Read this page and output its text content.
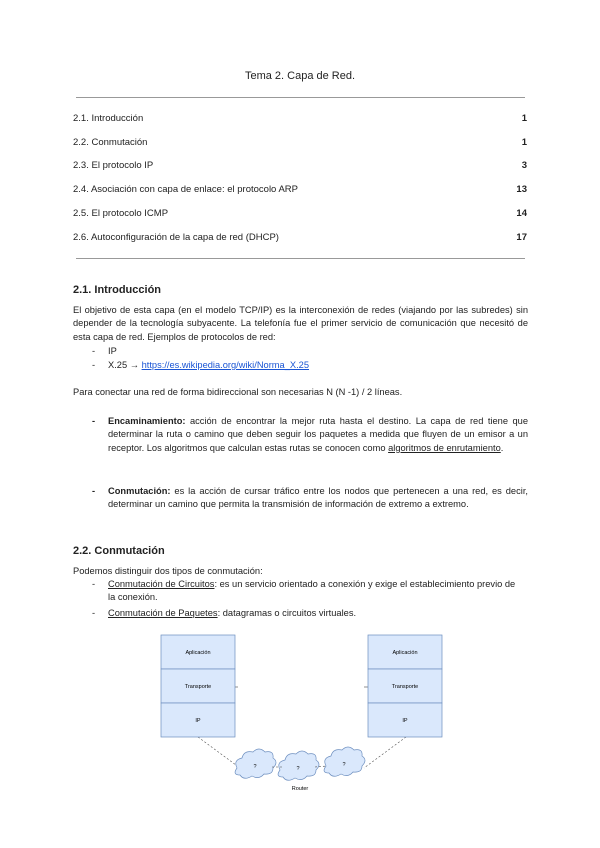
Tema 2. Capa de Red.
2.1. Introducción	1
2.2. Conmutación	1
2.3. El protocolo IP	3
2.4. Asociación con capa de enlace: el protocolo ARP	13
2.5. El protocolo ICMP	14
2.6. Autoconfiguración de la capa de red (DHCP)	17
2.1. Introducción
El objetivo de esta capa (en el modelo TCP/IP) es la interconexión de redes (viajando por las subredes) sin depender de la tecnología subyacente. La telefonía fue el primer servicio de comunicación que necesitó de esta capa de red. Ejemplos de protocolos de red:
- IP
- X.25 → https://es.wikipedia.org/wiki/Norma_X.25
Para conectar una red de forma bidireccional son necesarias N (N -1) / 2 líneas.
- Encaminamiento: acción de encontrar la mejor ruta hasta el destino. La capa de red tiene que determinar la ruta o camino que deben seguir los paquetes a medida que fluyen de un emisor a un receptor. Los algoritmos que calculan estas rutas se conocen como algoritmos de enrutamiento.
- Conmutación: es la acción de cursar tráfico entre los nodos que pertenecen a una red, es decir, determinar un camino que permita la transmisión de información de extremo a extremo.
2.2. Conmutación
Podemos distinguir dos tipos de conmutación:
- Conmutación de Circuitos: es un servicio orientado a conexión y exige el establecimiento previo de la conexión.
- Conmutación de Paquetes: datagramas o circuitos virtuales.
Aplicación
Transporte
IP
Aplicación
Transporte
IP
?	?
?
Router
